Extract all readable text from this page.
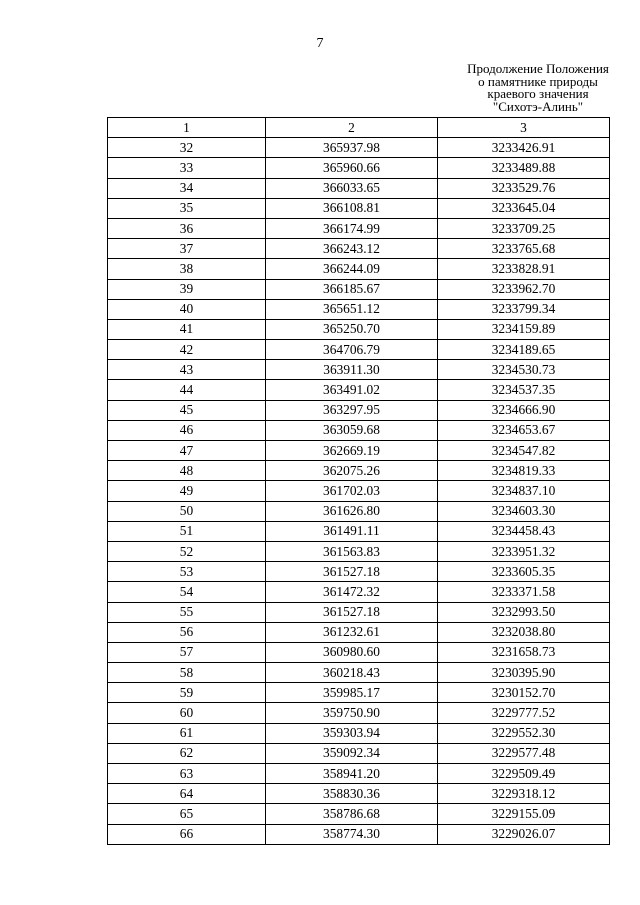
7
Продолжение Положения
о памятнике природы
краевого значения
"Сихотэ-Алинь"
1	2	3
32	365937.98	3233426.91
33	365960.66	3233489.88
34	366033.65	3233529.76
35	366108.81	3233645.04
36	366174.99	3233709.25
37	366243.12	3233765.68
38	366244.09	3233828.91
39	366185.67	3233962.70
40	365651.12	3233799.34
41	365250.70	3234159.89
42	364706.79	3234189.65
43	363911.30	3234530.73
44	363491.02	3234537.35
45	363297.95	3234666.90
46	363059.68	3234653.67
47	362669.19	3234547.82
48	362075.26	3234819.33
49	361702.03	3234837.10
50	361626.80	3234603.30
51	361491.11	3234458.43
52	361563.83	3233951.32
53	361527.18	3233605.35
54	361472.32	3233371.58
55	361527.18	3232993.50
56	361232.61	3232038.80
57	360980.60	3231658.73
58	360218.43	3230395.90
59	359985.17	3230152.70
60	359750.90	3229777.52
61	359303.94	3229552.30
62	359092.34	3229577.48
63	358941.20	3229509.49
64	358830.36	3229318.12
65	358786.68	3229155.09
66	358774.30	3229026.07
